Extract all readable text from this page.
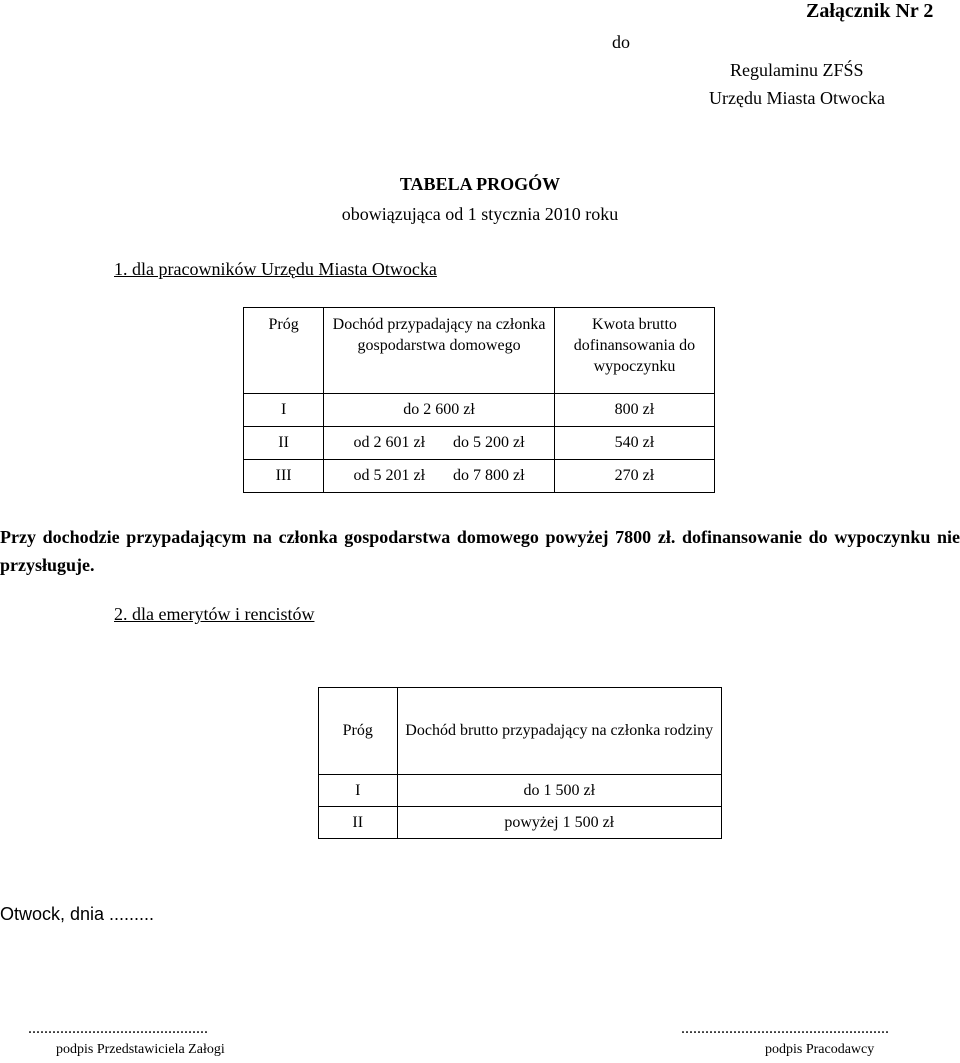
Załącznik Nr 2
do
Regulaminu ZFŚS
Urzędu Miasta Otwocka
TABELA PROGÓW
obowiązująca od 1 stycznia 2010 roku
1. dla pracowników Urzędu Miasta Otwocka
Próg	Dochód przypadający na członka gospodarstwa domowego	Kwota brutto dofinansowania do wypoczynku
I	do 2 600 zł	800 zł
II	od 2 601 zł do 5 200 zł	540 zł
III	od 5 201 zł do 7 800 zł	270 zł
Przy dochodzie przypadającym na członka gospodarstwa domowego powyżej 7800 zł. dofinansowanie do wypoczynku nie przysługuje.
2. dla emerytów i rencistów
Próg	Dochód brutto przypadający na członka rodziny
I	do 1 500 zł
II	powyżej 1 500 zł
Otwock, dnia .........
.............................................	....................................................
podpis Przedstawiciela Załogi	podpis Pracodawcy
